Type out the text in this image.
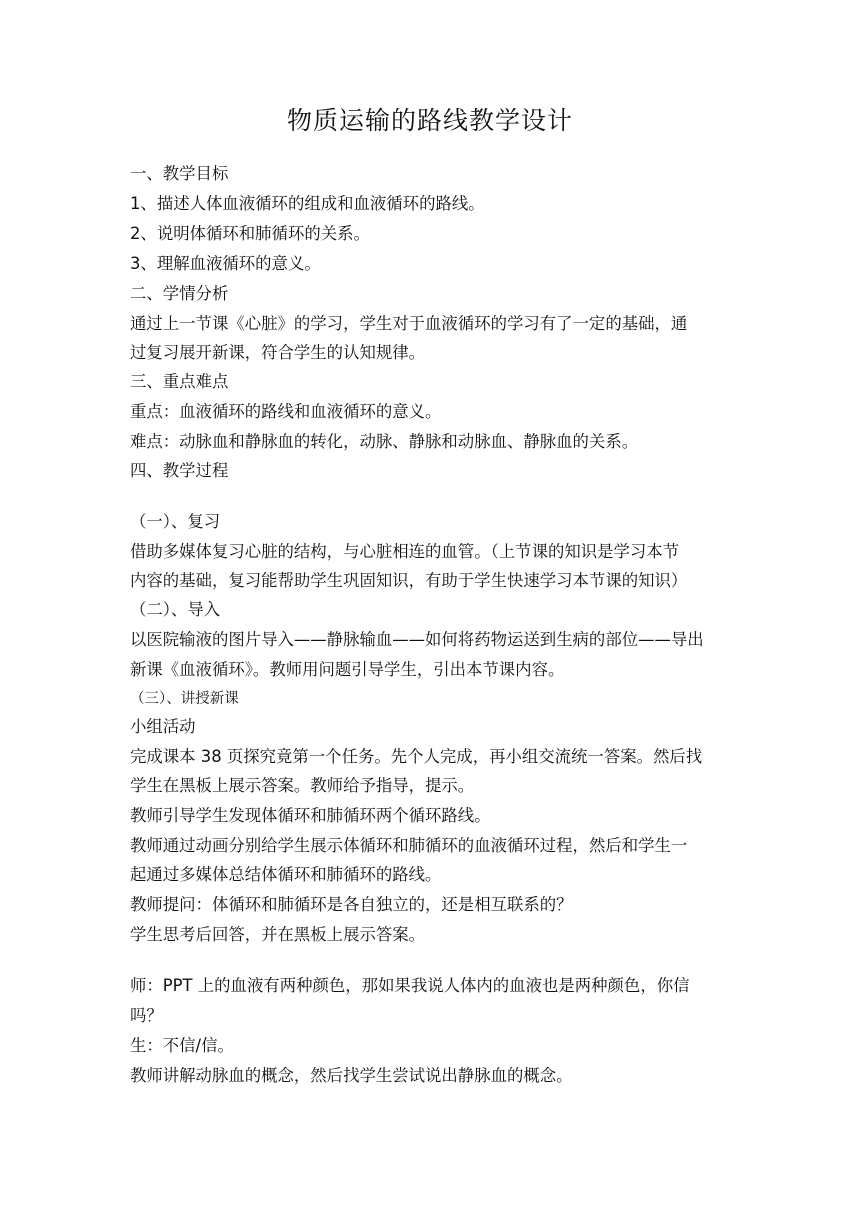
物质运输的路线教学设计
一、教学目标
1、描述人体血液循环的组成和血液循环的路线。
2、说明体循环和肺循环的关系。
3、理解血液循环的意义。
二、学情分析
通过上一节课《心脏》的学习，学生对于血液循环的学习有了一定的基础，通
过复习展开新课，符合学生的认知规律。
三、重点难点
重点：血液循环的路线和血液循环的意义。
难点：动脉血和静脉血的转化，动脉、静脉和动脉血、静脉血的关系。
四、教学过程
（一）、复习
借助多媒体复习心脏的结构，与心脏相连的血管。（上节课的知识是学习本节
内容的基础，复习能帮助学生巩固知识，有助于学生快速学习本节课的知识）
（二）、导入
以医院输液的图片导入——静脉输血——如何将药物运送到生病的部位——导出
新课《血液循环》。教师用问题引导学生，引出本节课内容。
（三）、讲授新课
小组活动
完成课本 38 页探究竟第一个任务。先个人完成，再小组交流统一答案。然后找
学生在黑板上展示答案。教师给予指导，提示。
教师引导学生发现体循环和肺循环两个循环路线。
教师通过动画分别给学生展示体循环和肺循环的血液循环过程，然后和学生一
起通过多媒体总结体循环和肺循环的路线。
教师提问：体循环和肺循环是各自独立的，还是相互联系的？
学生思考后回答，并在黑板上展示答案。
师：PPT 上的血液有两种颜色，那如果我说人体内的血液也是两种颜色，你信
吗？
生：不信/信。
教师讲解动脉血的概念，然后找学生尝试说出静脉血的概念。
